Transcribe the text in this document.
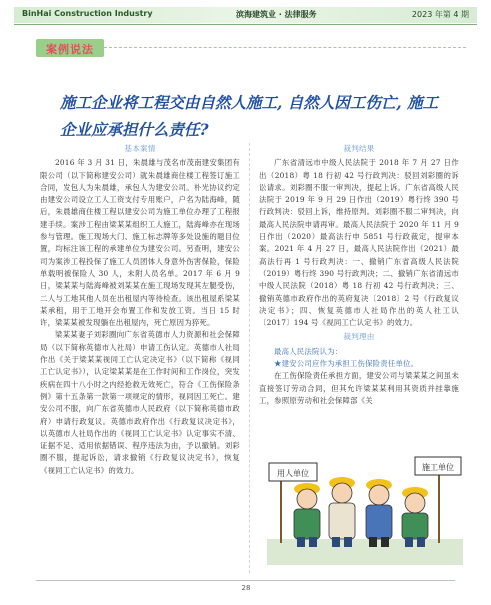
BinHai Construction Industry	滨海建筑业 · 法律服务	2023 年第 4 期
案例说法
施工企业将工程交由自然人施工, 自然人因工伤亡, 施工
企业应承担什么责任?
基本案情

2016 年 3 月 31 日，朱晨雄与茂名市茂南建安集团有限公司（以下简称建安公司）就朱晨雄商住楼工程签订施工合同，发包人为朱晨雄，承包人为建安公司。朴光协议约定由建安公司设立工人工资支付专用账户，户名为陆海峰，随后，朱晨雄商住楼工程以建安公司为施工单位办理了工程报建手续。案涉工程由梁某某组织工人施工，陆海峰亦在现场参与管理。施工现场大门、施工标志牌等多处设施的题目位置，均标注该工程的承建单位为建安公司。另查明，建安公司为案涉工程投保了施工人员团体人身意外伤害保险，保险单载明被保险人 30 人，未附人员名单。2017 年 6 月 9 日，梁某某与陆海峰被刘某某在施工现场发现其左腿受伤，二人与工地其他人员在出租屋内等待检查。该出租屋系梁某某承租，用于工地开会布置工作和发放工资。当日 15 时许，梁某某被发现躺在出租屋内，死亡原因为猝死。

梁某某妻子刘彩圈向广东省英德市人力资源和社会保障局（以下简称英德市人社局）申请工伤认定。英德市人社局作出《关于梁某某视同工亡认定决定书》（以下简称《视同工亡认定书》），认定梁某某是在工作时间和工作岗位，突发疾病在四十八小时之内经抢救无效死亡，符合《工伤保险条例》第十五条第一款第一项规定的情形，视同因工死亡。建安公司不服，向广东省英德市人民政府（以下简称英德市政府）申请行政复议。英德市政府作出《行政复议决定书》，以英德市人社局作出的《视同工亡认定书》认定事实不清、证据不足、适用依据错误、程序违法为由，予以撤销。刘彩圈不服，提起诉讼，请求撤销《行政复议决定书》，恢复《视同工亡认定书》的效力。

裁判结果

广东省清远市中级人民法院于 2018 年 7 月 27 日作出（2018）粤 18 行初 42 号行政判决：驳回刘彩圈的诉讼请求。刘彩圈不服一审判决，提起上诉。广东省高级人民法院于 2019 年 9 月 29 日作出（2019）粤行终 390 号行政判决：驳回上诉，维持原判。刘彩圈不服二审判决，向最高人民法院申请再审。最高人民法院于 2020 年 11 月 9 日作出（2020）最高法行申 5851 号行政裁定，提审本案。2021 年 4 月 27 日，最高人民法院作出（2021）最高法行再 1 号行政判决：一、撤销广东省高级人民法院（2019）粤行终 390 号行政判决；二、撤销广东省清远市中级人民法院（2018）粤 18 行初 42 号行政判决；三、撤销英德市政府作出的英府复决〔2018〕2 号《行政复议决定书》；四、恢复英德市人社局作出的英人社工认〔2017〕194 号《视同工亡认定书》的效力。

裁判理由

最高人民法院认为：

★建安公司应作为承担工伤保险责任单位。

在工伤保险责任承担方面，建安公司与梁某某之间虽未直接签订劳动合同，但其允许梁某某利用其资质并挂靠施工，参照原劳动和社会保障部《关

用人单位
施工单位
28
